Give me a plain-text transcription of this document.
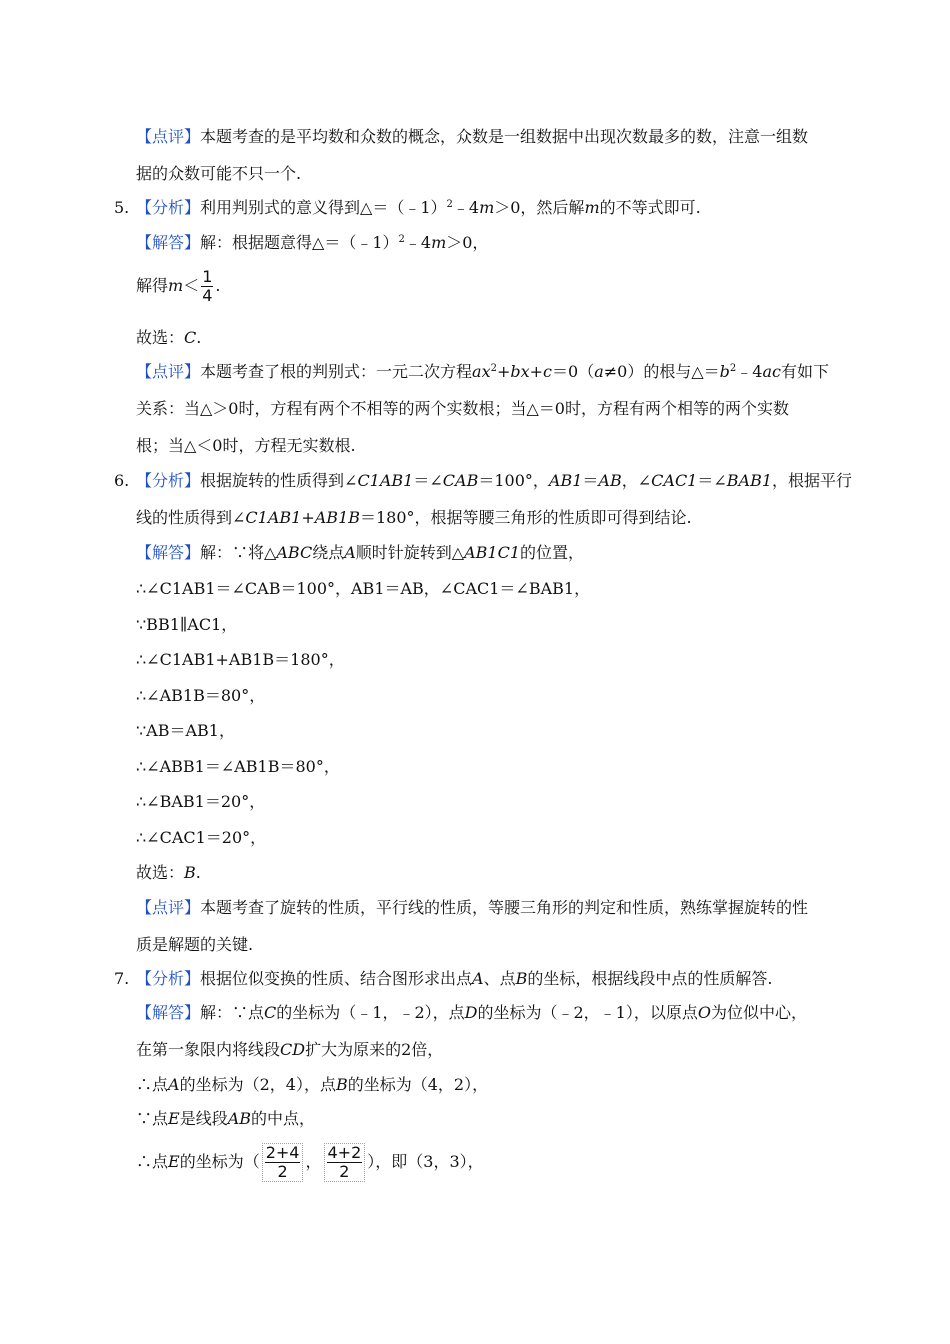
【点评】本题考查的是平均数和众数的概念，众数是一组数据中出现次数最多的数，注意一组数
据的众数可能不只一个.
5. 【分析】利用判别式的意义得到△＝（﹣1）$^2$﹣4m＞0，然后解m的不等式即可.
【解答】解：根据题意得△＝（﹣1）$^2$﹣4m＞0，
解得$m< \frac{1}{4}$ .
故选：C.
【点评】本题考查了根的判别式：一元二次方程$ax^2+bx+c=0(a\ne 0)$的根与$\triangle=b^2﹣4ac$有如下
关系：当△＞0时，方程有两个不相等的两个实数根；当△＝0时，方程有两个相等的两个实数
根；当△＜0时，方程无实数根.
6. 【分析】根据旋转的性质得到∠C1AB1＝∠CAB＝100°，AB1＝AB，∠CAC1＝∠BAB1，根据平行
线的性质得到∠C1AB1+AB1B＝180°，根据等腰三角形的性质即可得到结论.
【解答】解：∵将△ABC绕点A顺时针旋转到△AB1C1的位置，
∴∠C1AB1＝∠CAB＝100°，AB1＝AB，∠CAC1＝∠BAB1，
∵BB1∥AC1，
∴∠C1AB1+AB1B＝180°，
∴∠AB1B＝80°，
∵AB＝AB1，
∴∠ABB1＝∠AB1B＝80°，
∴∠BAB1＝20°，
∴∠CAC1＝20°，
故选：B.
【点评】本题考查了旋转的性质，平行线的性质，等腰三角形的判定和性质，熟练掌握旋转的性
质是解题的关键.
7. 【分析】根据位似变换的性质、结合图形求出点A、点B的坐标，根据线段中点的性质解答.
【解答】解：∵点C的坐标为（﹣1，﹣2），点D的坐标为（﹣2，﹣1），以原点O为位似中心，
在第一象限内将线段CD扩大为原来的2倍，
∴点A的坐标为（2，4），点B的坐标为（4，2），
∵点E是线段AB的中点，
∴点E的坐标为（ $\frac{2+4}{2}$ ， $\frac{4+2}{2}$ ），即（3，3），
